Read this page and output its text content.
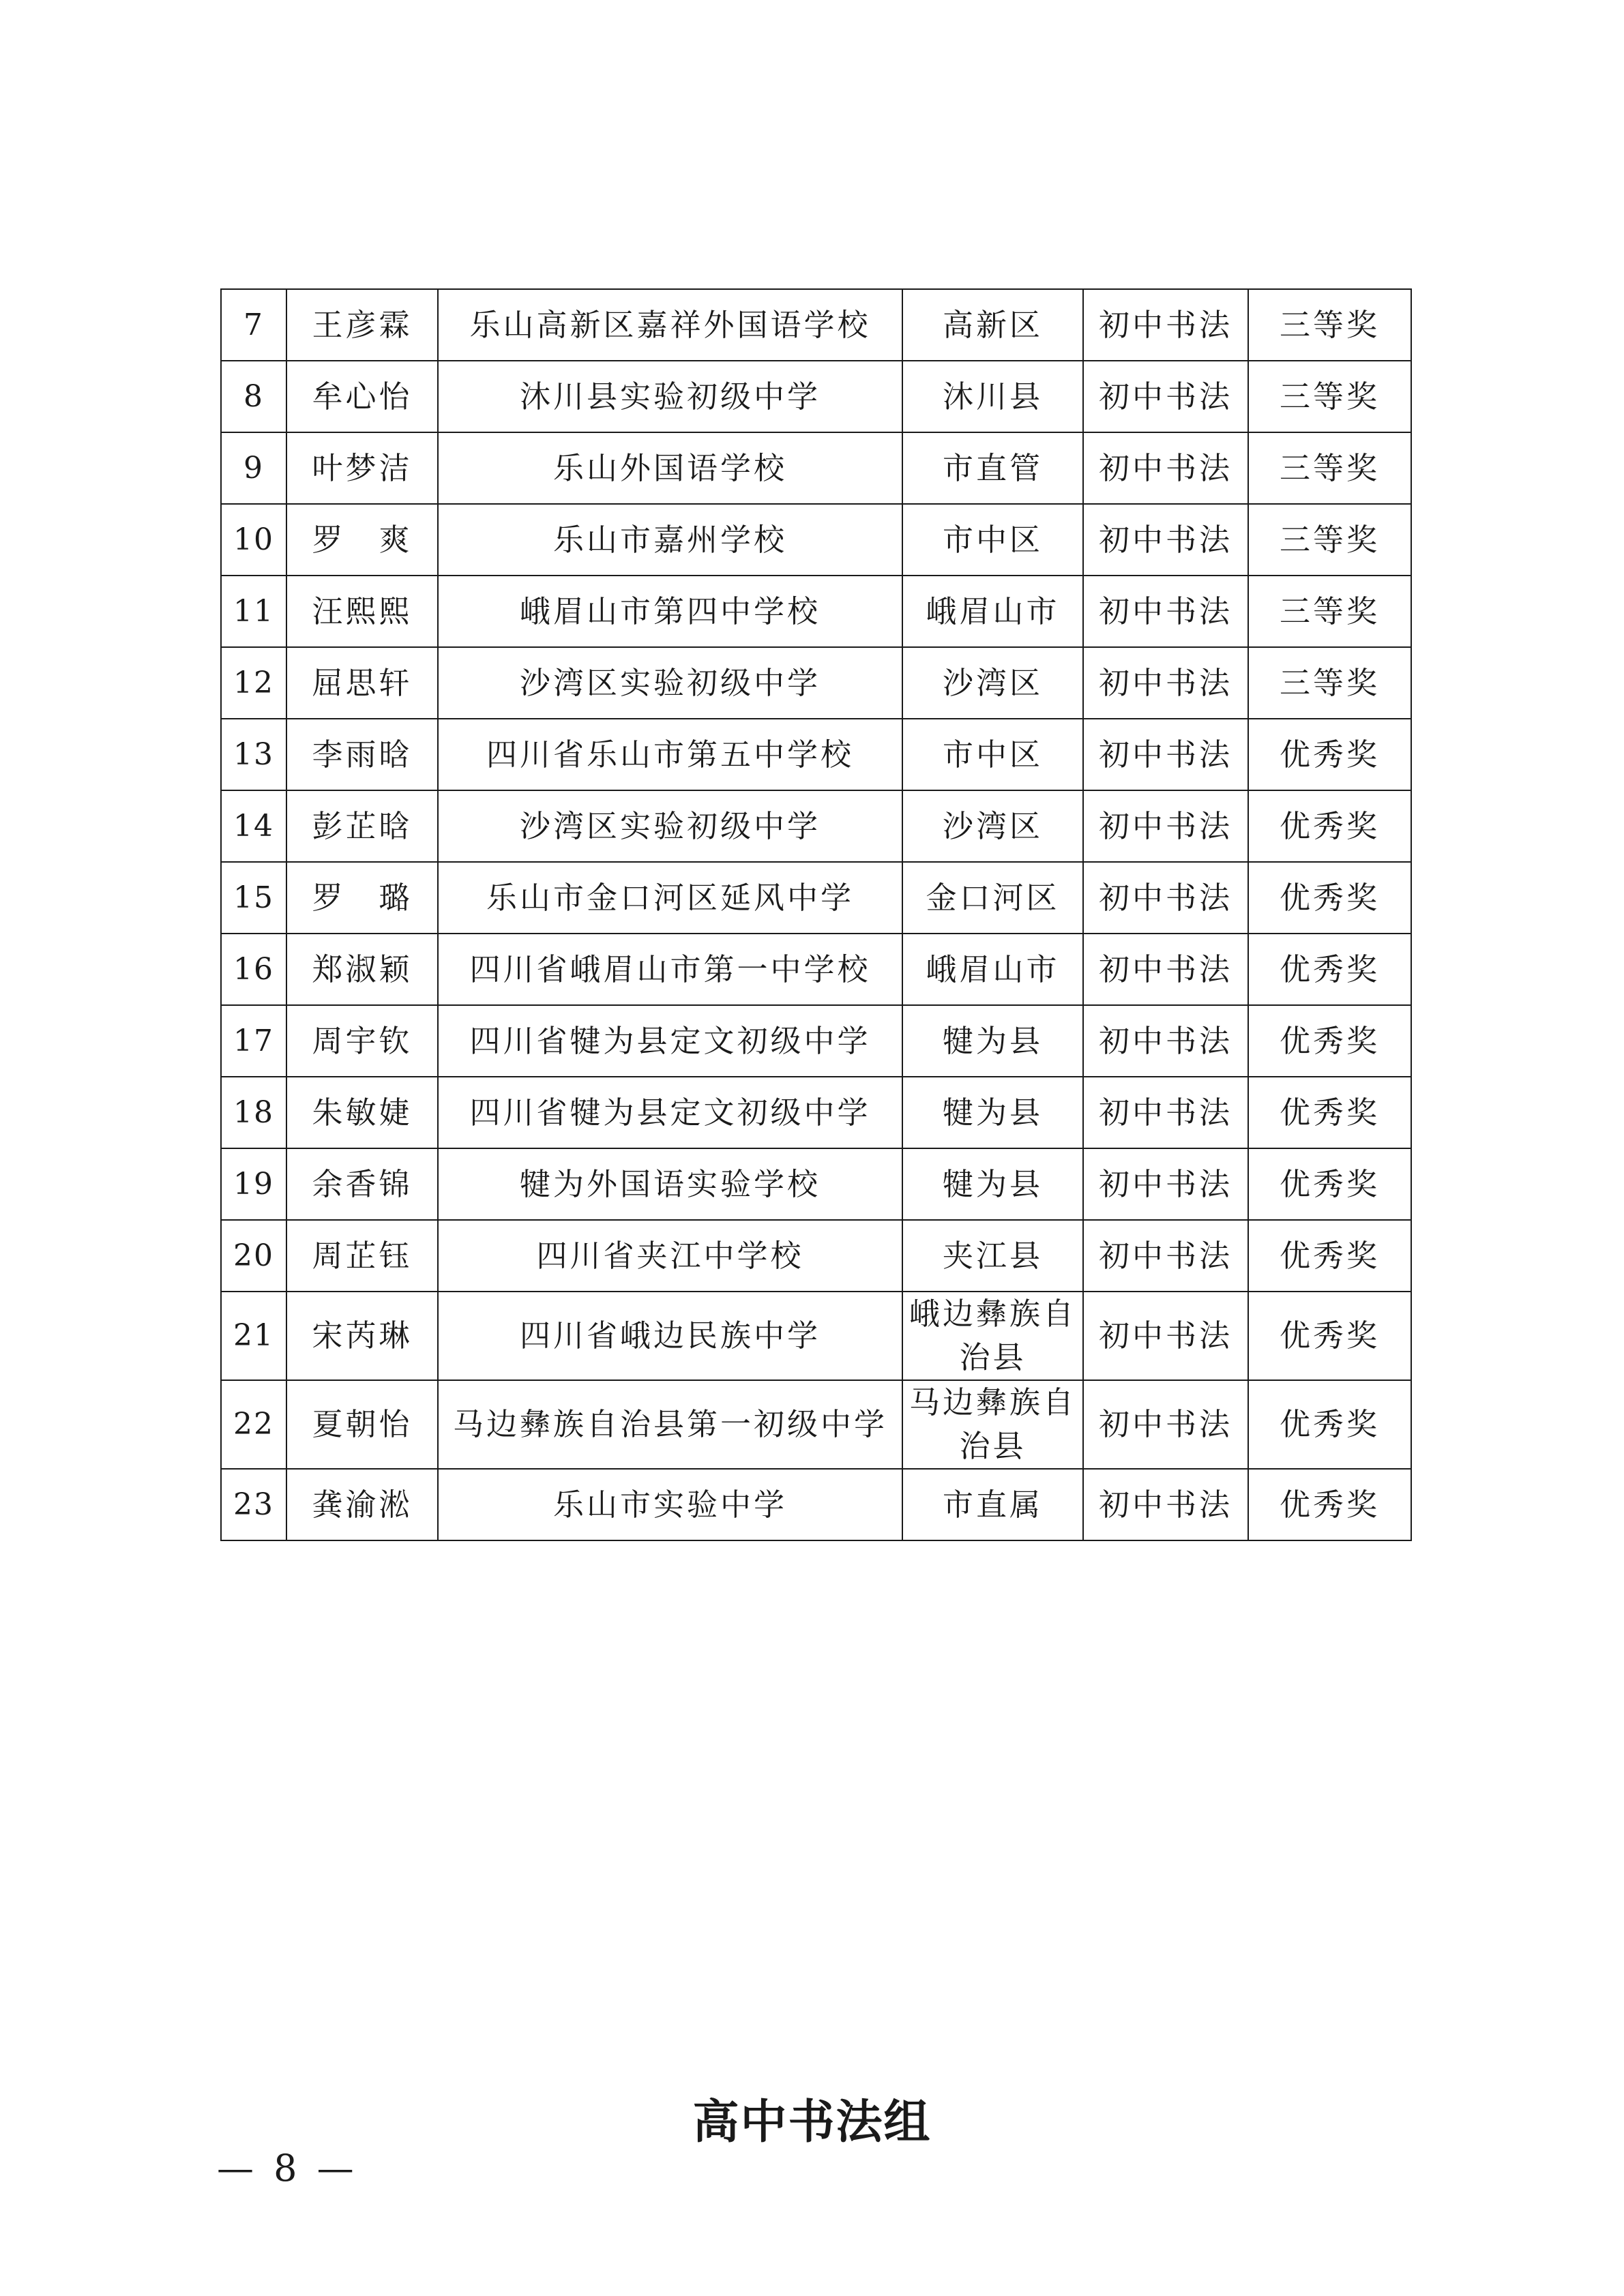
7	王彦霖	乐山高新区嘉祥外国语学校	高新区	初中书法	三等奖
8	牟心怡	沐川县实验初级中学	沐川县	初中书法	三等奖
9	叶梦洁	乐山外国语学校	市直管	初中书法	三等奖
10	罗　爽	乐山市嘉州学校	市中区	初中书法	三等奖
11	汪熙熙	峨眉山市第四中学校	峨眉山市	初中书法	三等奖
12	屈思轩	沙湾区实验初级中学	沙湾区	初中书法	三等奖
13	李雨晗	四川省乐山市第五中学校	市中区	初中书法	优秀奖
14	彭芷晗	沙湾区实验初级中学	沙湾区	初中书法	优秀奖
15	罗　璐	乐山市金口河区延风中学	金口河区	初中书法	优秀奖
16	郑淑颖	四川省峨眉山市第一中学校	峨眉山市	初中书法	优秀奖
17	周宇钦	四川省犍为县定文初级中学	犍为县	初中书法	优秀奖
18	朱敏婕	四川省犍为县定文初级中学	犍为县	初中书法	优秀奖
19	余香锦	犍为外国语实验学校	犍为县	初中书法	优秀奖
20	周芷钰	四川省夹江中学校	夹江县	初中书法	优秀奖
21	宋芮琳	四川省峨边民族中学	峨边彝族自治县	初中书法	优秀奖
22	夏朝怡	马边彝族自治县第一初级中学	马边彝族自治县	初中书法	优秀奖
23	龚渝淞	乐山市实验中学	市直属	初中书法	优秀奖
高中书法组
— 8 —
